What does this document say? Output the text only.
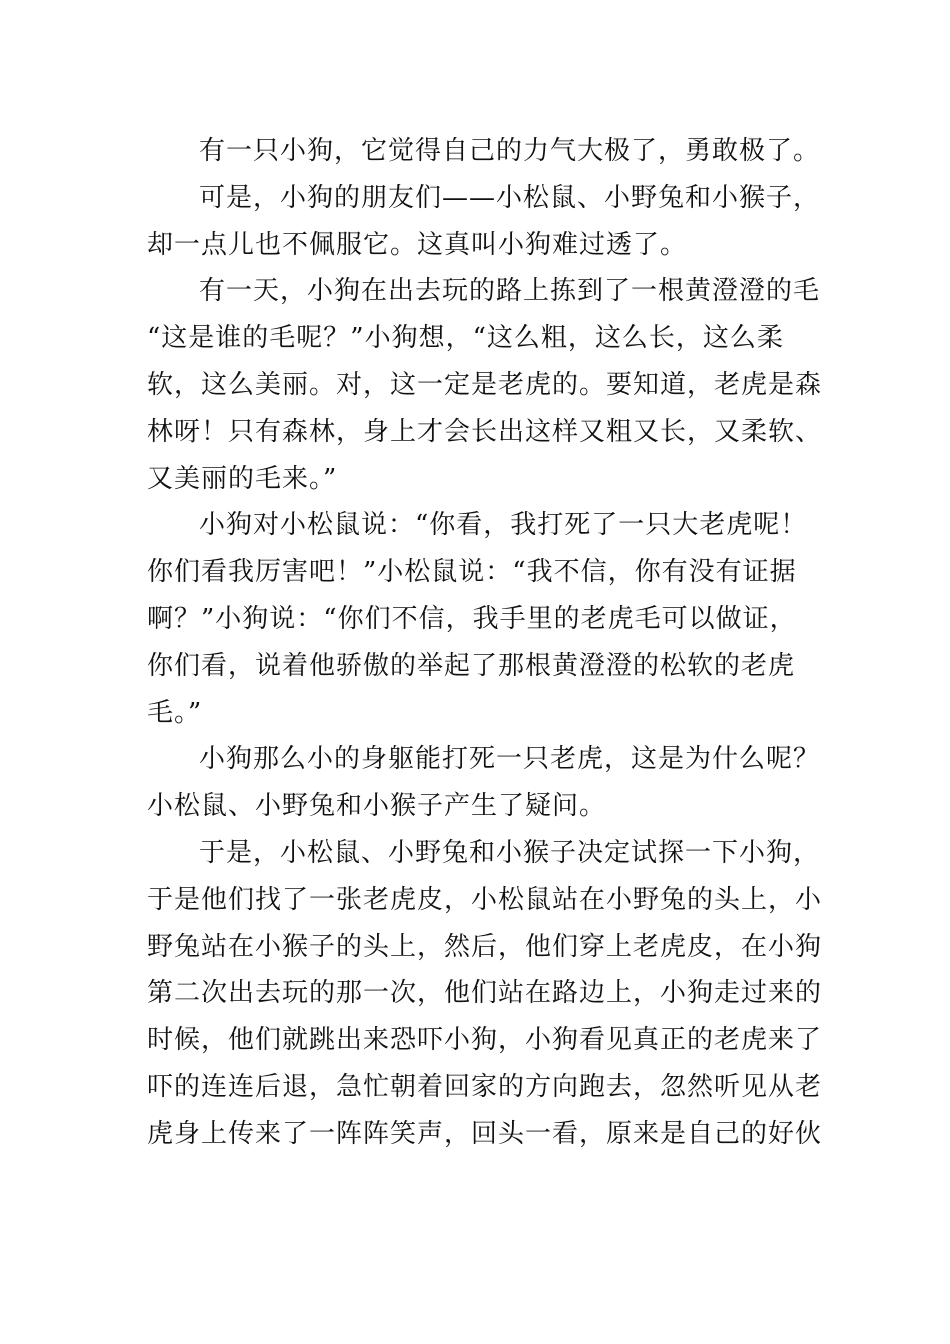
有一只小狗，它觉得自己的力气大极了，勇敢极了。
可是，小狗的朋友们——小松鼠、小野兔和小猴子，
却一点儿也不佩服它。这真叫小狗难过透了。
有一天，小狗在出去玩的路上拣到了一根黄澄澄的毛
“这是谁的毛呢？”小狗想，“这么粗，这么长，这么柔
软，这么美丽。对，这一定是老虎的。要知道，老虎是森
林呀！只有森林，身上才会长出这样又粗又长，又柔软、
又美丽的毛来。”
小狗对小松鼠说：“你看，我打死了一只大老虎呢！
你们看我厉害吧！”小松鼠说：“我不信，你有没有证据
啊？”小狗说：“你们不信，我手里的老虎毛可以做证，
你们看，说着他骄傲的举起了那根黄澄澄的松软的老虎
毛。”
小狗那么小的身躯能打死一只老虎，这是为什么呢？
小松鼠、小野兔和小猴子产生了疑问。
于是，小松鼠、小野兔和小猴子决定试探一下小狗，
于是他们找了一张老虎皮，小松鼠站在小野兔的头上，小
野兔站在小猴子的头上，然后，他们穿上老虎皮，在小狗
第二次出去玩的那一次，他们站在路边上，小狗走过来的
时候，他们就跳出来恐吓小狗，小狗看见真正的老虎来了
吓的连连后退，急忙朝着回家的方向跑去，忽然听见从老
虎身上传来了一阵阵笑声，回头一看，原来是自己的好伙
